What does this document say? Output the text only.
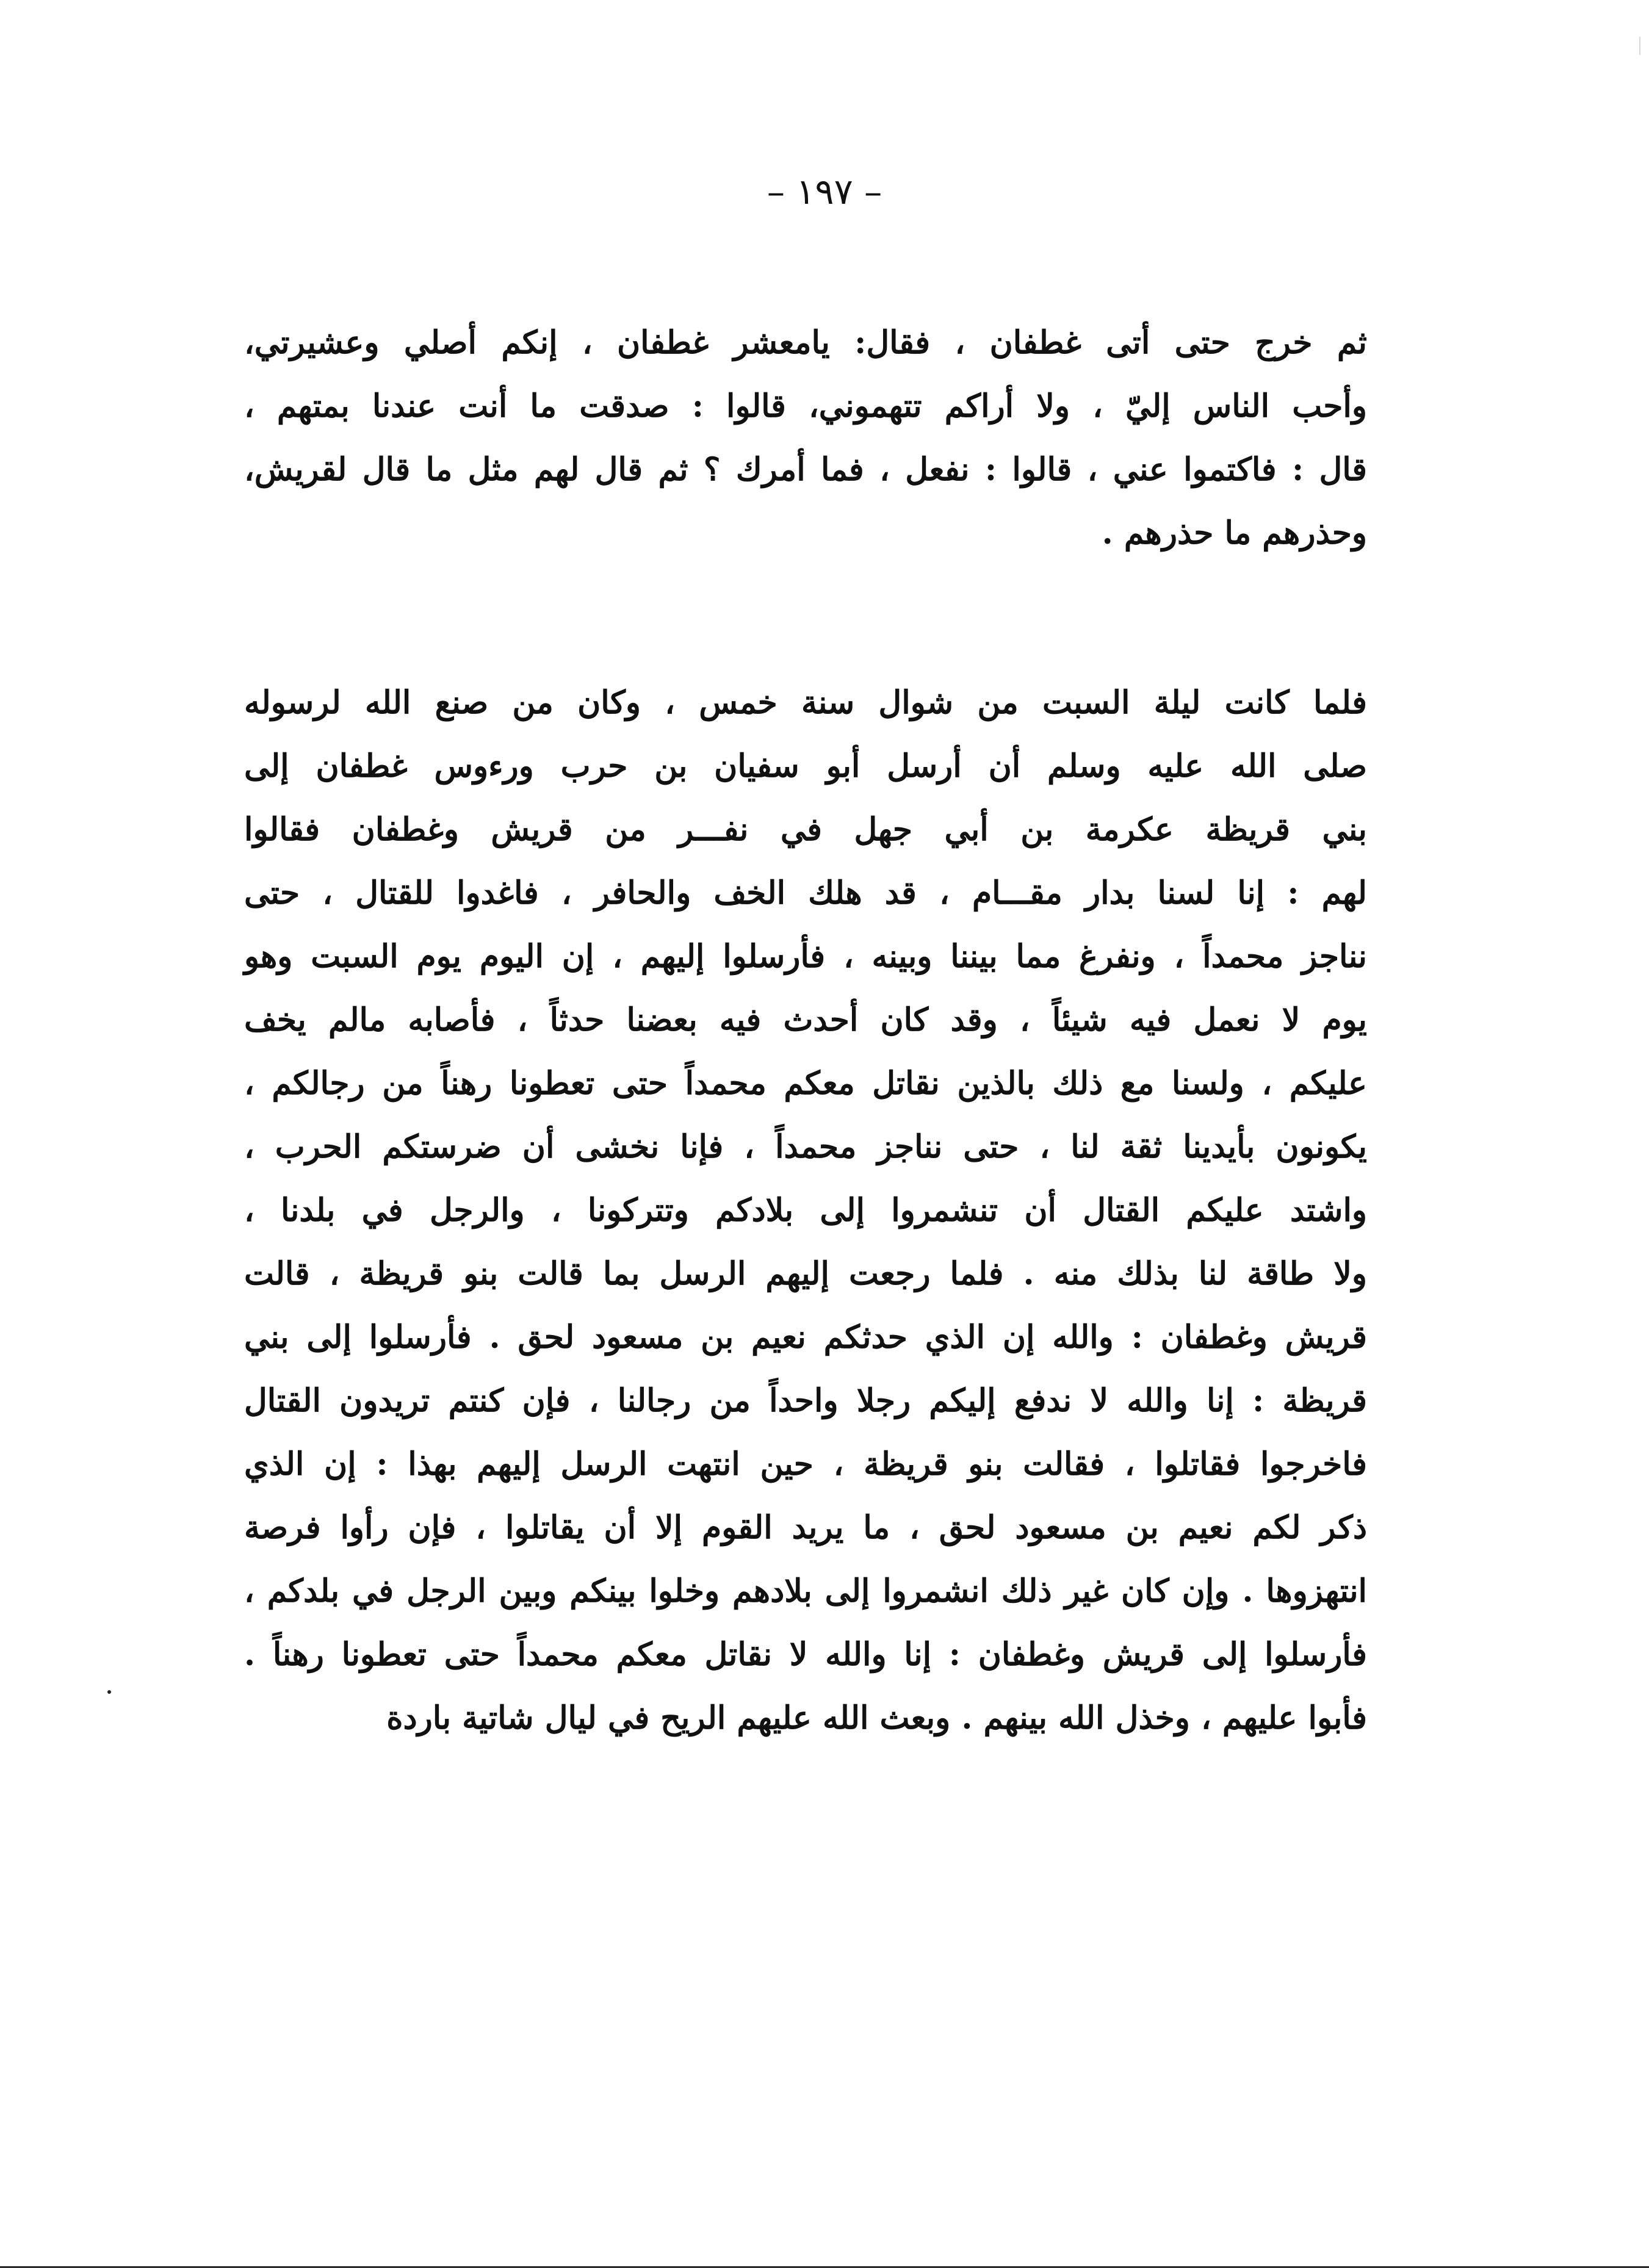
– ١٩٧ –

ثم خرج حتى أتى غطفان ، فقال: يامعشر غطفان ، إنكم أصلي وعشيرتي،
وأحب الناس إليّ ، ولا أراكم تتهموني، قالوا : صدقت ما أنت عندنا بمتهم ،
قال : فاكتموا عني ، قالوا : نفعل ، فما أمرك ؟ ثم قال لهم مثل ما قال لقريش،
وحذرهم ما حذرهم .

فلما كانت ليلة السبت من شوال سنة خمس ، وكان من صنع الله لرسوله
صلى الله عليه وسلم أن أرسل أبو سفيان بن حرب ورءوس غطفان إلى
بني قريظة عكرمة بن أبي جهل في نفـــر من قريش وغطفان فقالوا
لهم : إنا لسنا بدار مقـــام ، قد هلك الخف والحافر ، فاغدوا للقتال ، حتى
نناجز محمداً ، ونفرغ مما بيننا وبينه ، فأرسلوا إليهم ، إن اليوم يوم السبت وهو
يوم لا نعمل فيه شيئاً ، وقد كان أحدث فيه بعضنا حدثاً ، فأصابه مالم يخف
عليكم ، ولسنا مع ذلك بالذين نقاتل معكم محمداً حتى تعطونا رهناً من رجالكم ،
يكونون بأيدينا ثقة لنا ، حتى نناجز محمداً ، فإنا نخشى أن ضرستكم الحرب ،
واشتد عليكم القتال أن تنشمروا إلى بلادكم وتتركونا ، والرجل في بلدنا ،
ولا طاقة لنا بذلك منه . فلما رجعت إليهم الرسل بما قالت بنو قريظة ، قالت
قريش وغطفان : والله إن الذي حدثكم نعيم بن مسعود لحق . فأرسلوا إلى بني
قريظة : إنا والله لا ندفع إليكم رجلا واحداً من رجالنا ، فإن كنتم تريدون القتال
فاخرجوا فقاتلوا ، فقالت بنو قريظة ، حين انتهت الرسل إليهم بهذا : إن الذي
ذكر لكم نعيم بن مسعود لحق ، ما يريد القوم إلا أن يقاتلوا ، فإن رأوا فرصة
انتهزوها . وإن كان غير ذلك انشمروا إلى بلادهم وخلوا بينكم وبين الرجل في بلدكم ،
فأرسلوا إلى قريش وغطفان : إنا والله لا نقاتل معكم محمداً حتى تعطونا رهناً .
فأبوا عليهم ، وخذل الله بينهم . وبعث الله عليهم الريح في ليال شاتية باردة
